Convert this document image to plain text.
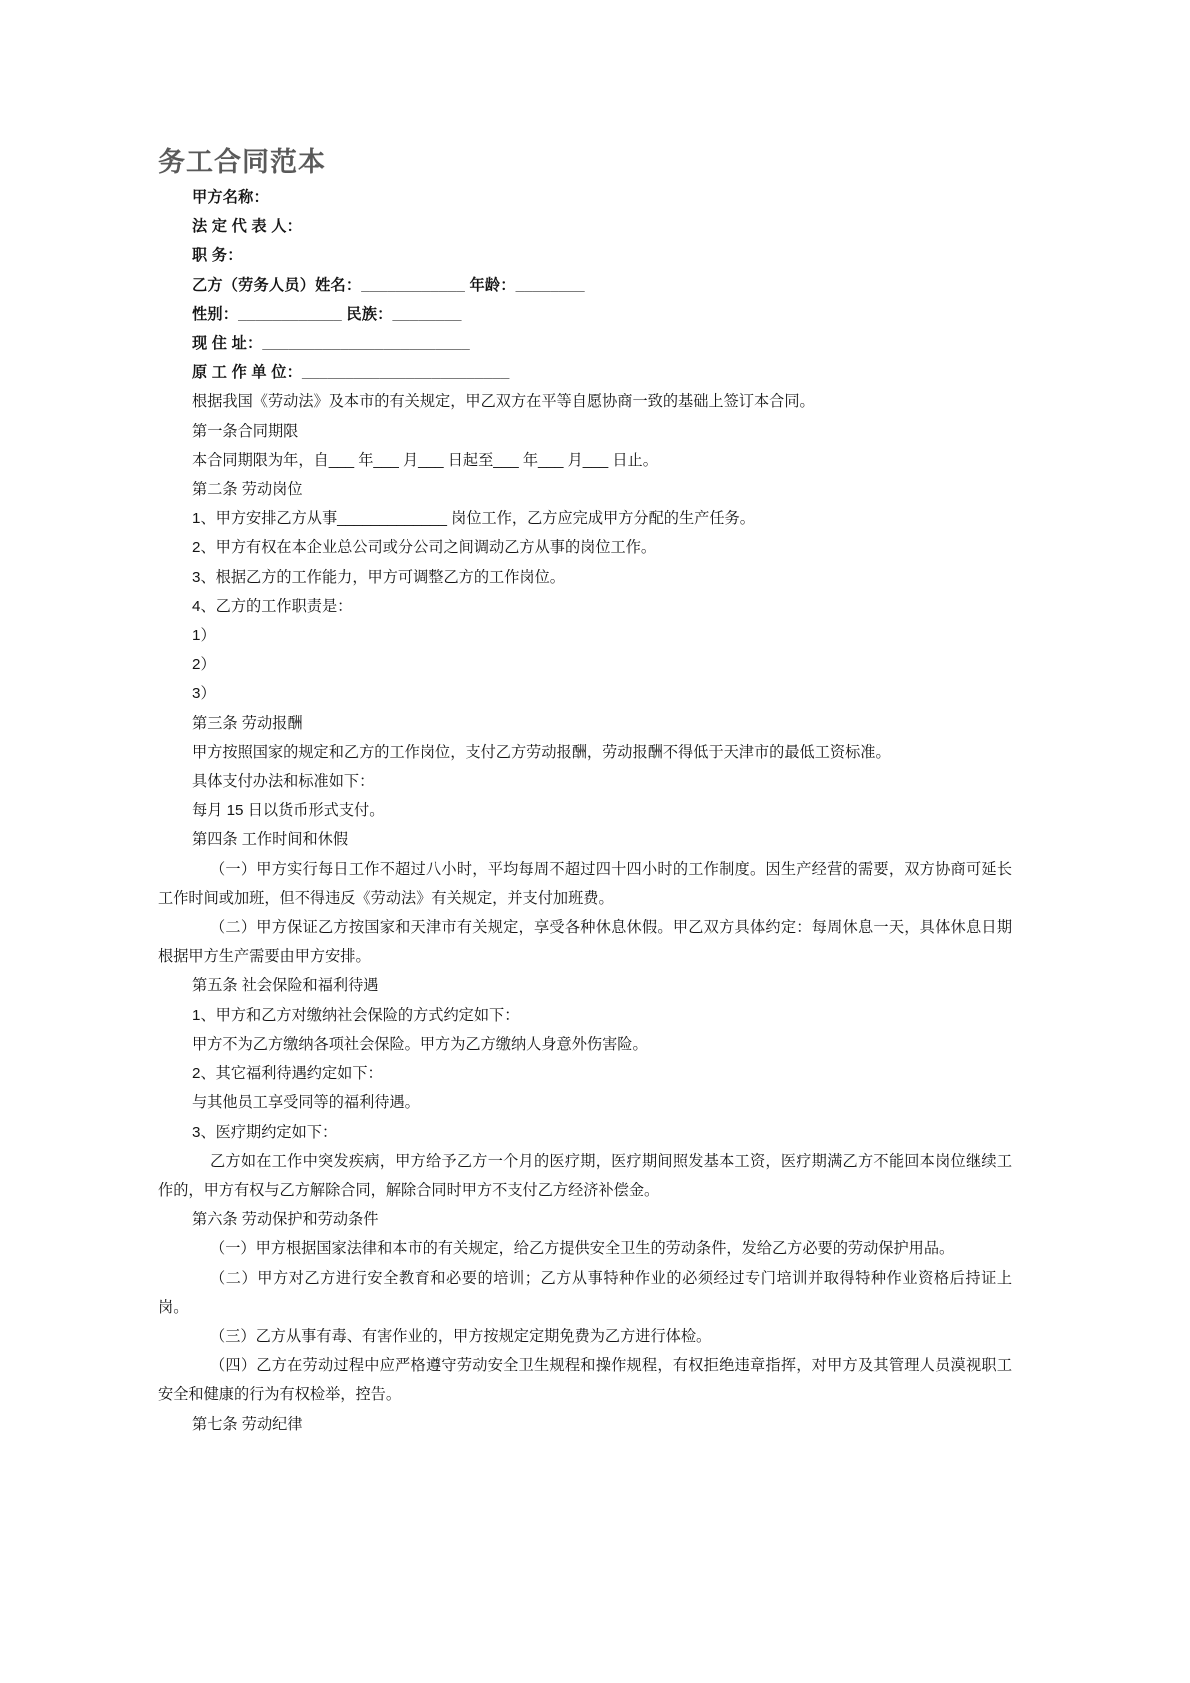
务工合同范本

甲方名称：

法 定 代 表 人：

职 务：

乙方（劳务人员）姓名：____________ 年龄：________

性别：____________ 民族：________

现 住 址：________________________

原 工 作 单 位：________________________

根据我国《劳动法》及本市的有关规定，甲乙双方在平等自愿协商一致的基础上签订本合同。

第一条合同期限

本合同期限为年，自___ 年___ 月___ 日起至___ 年___ 月___ 日止。

第二条 劳动岗位

1、甲方安排乙方从事_____________ 岗位工作，乙方应完成甲方分配的生产任务。

2、甲方有权在本企业总公司或分公司之间调动乙方从事的岗位工作。

3、根据乙方的工作能力，甲方可调整乙方的工作岗位。

4、乙方的工作职责是：

1）

2）

3）

第三条 劳动报酬

甲方按照国家的规定和乙方的工作岗位，支付乙方劳动报酬，劳动报酬不得低于天津市的最低工资标准。

具体支付办法和标准如下：

每月 15 日以货币形式支付。

第四条 工作时间和休假

（一）甲方实行每日工作不超过八小时，平均每周不超过四十四小时的工作制度。因生产经营的需要，双方协商可延长工作时间或加班，但不得违反《劳动法》有关规定，并支付加班费。

（二）甲方保证乙方按国家和天津市有关规定，享受各种休息休假。甲乙双方具体约定：每周休息一天，具体休息日期根据甲方生产需要由甲方安排。

第五条 社会保险和福利待遇

1、甲方和乙方对缴纳社会保险的方式约定如下：

甲方不为乙方缴纳各项社会保险。甲方为乙方缴纳人身意外伤害险。

2、其它福利待遇约定如下：

与其他员工享受同等的福利待遇。

3、医疗期约定如下：

乙方如在工作中突发疾病，甲方给予乙方一个月的医疗期，医疗期间照发基本工资，医疗期满乙方不能回本岗位继续工作的，甲方有权与乙方解除合同，解除合同时甲方不支付乙方经济补偿金。

第六条 劳动保护和劳动条件

（一）甲方根据国家法律和本市的有关规定，给乙方提供安全卫生的劳动条件，发给乙方必要的劳动保护用品。

（二）甲方对乙方进行安全教育和必要的培训；乙方从事特种作业的必须经过专门培训并取得特种作业资格后持证上岗。

（三）乙方从事有毒、有害作业的，甲方按规定定期免费为乙方进行体检。

（四）乙方在劳动过程中应严格遵守劳动安全卫生规程和操作规程，有权拒绝违章指挥，对甲方及其管理人员漠视职工安全和健康的行为有权检举，控告。

第七条 劳动纪律
